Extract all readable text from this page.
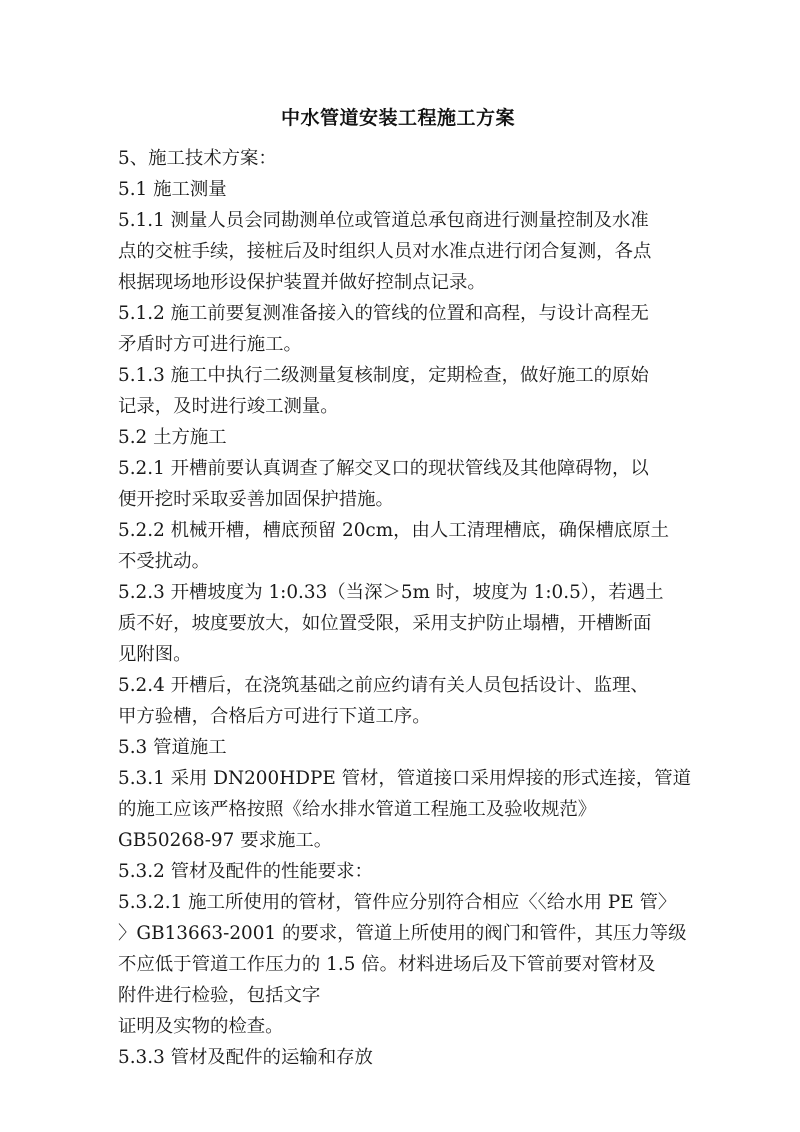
中水管道安装工程施工方案
5、施工技术方案：
5.1 施工测量
5.1.1 测量人员会同勘测单位或管道总承包商进行测量控制及水准
点的交桩手续，接桩后及时组织人员对水准点进行闭合复测，各点
根据现场地形设保护装置并做好控制点记录。
5.1.2 施工前要复测准备接入的管线的位置和高程，与设计高程无
矛盾时方可进行施工。
5.1.3 施工中执行二级测量复核制度，定期检查，做好施工的原始
记录，及时进行竣工测量。
5.2 土方施工
5.2.1 开槽前要认真调查了解交叉口的现状管线及其他障碍物，以
便开挖时采取妥善加固保护措施。
5.2.2 机械开槽，槽底预留 20cm，由人工清理槽底，确保槽底原土
不受扰动。
5.2.3 开槽坡度为 1:0.33（当深＞5m 时，坡度为 1:0.5），若遇土
质不好，坡度要放大，如位置受限，采用支护防止塌槽，开槽断面
见附图。
5.2.4 开槽后，在浇筑基础之前应约请有关人员包括设计、监理、
甲方验槽，合格后方可进行下道工序。
5.3 管道施工
5.3.1 采用 DN200HDPE 管材，管道接口采用焊接的形式连接，管道
的施工应该严格按照《给水排水管道工程施工及验收规范》
GB50268-97 要求施工。
5.3.2 管材及配件的性能要求：
5.3.2.1 施工所使用的管材，管件应分别符合相应〈〈给水用 PE 管〉
〉GB13663-2001 的要求，管道上所使用的阀门和管件，其压力等级
不应低于管道工作压力的 1.5 倍。材料进场后及下管前要对管材及
附件进行检验，包括文字
证明及实物的检查。
5.3.3 管材及配件的运输和存放
